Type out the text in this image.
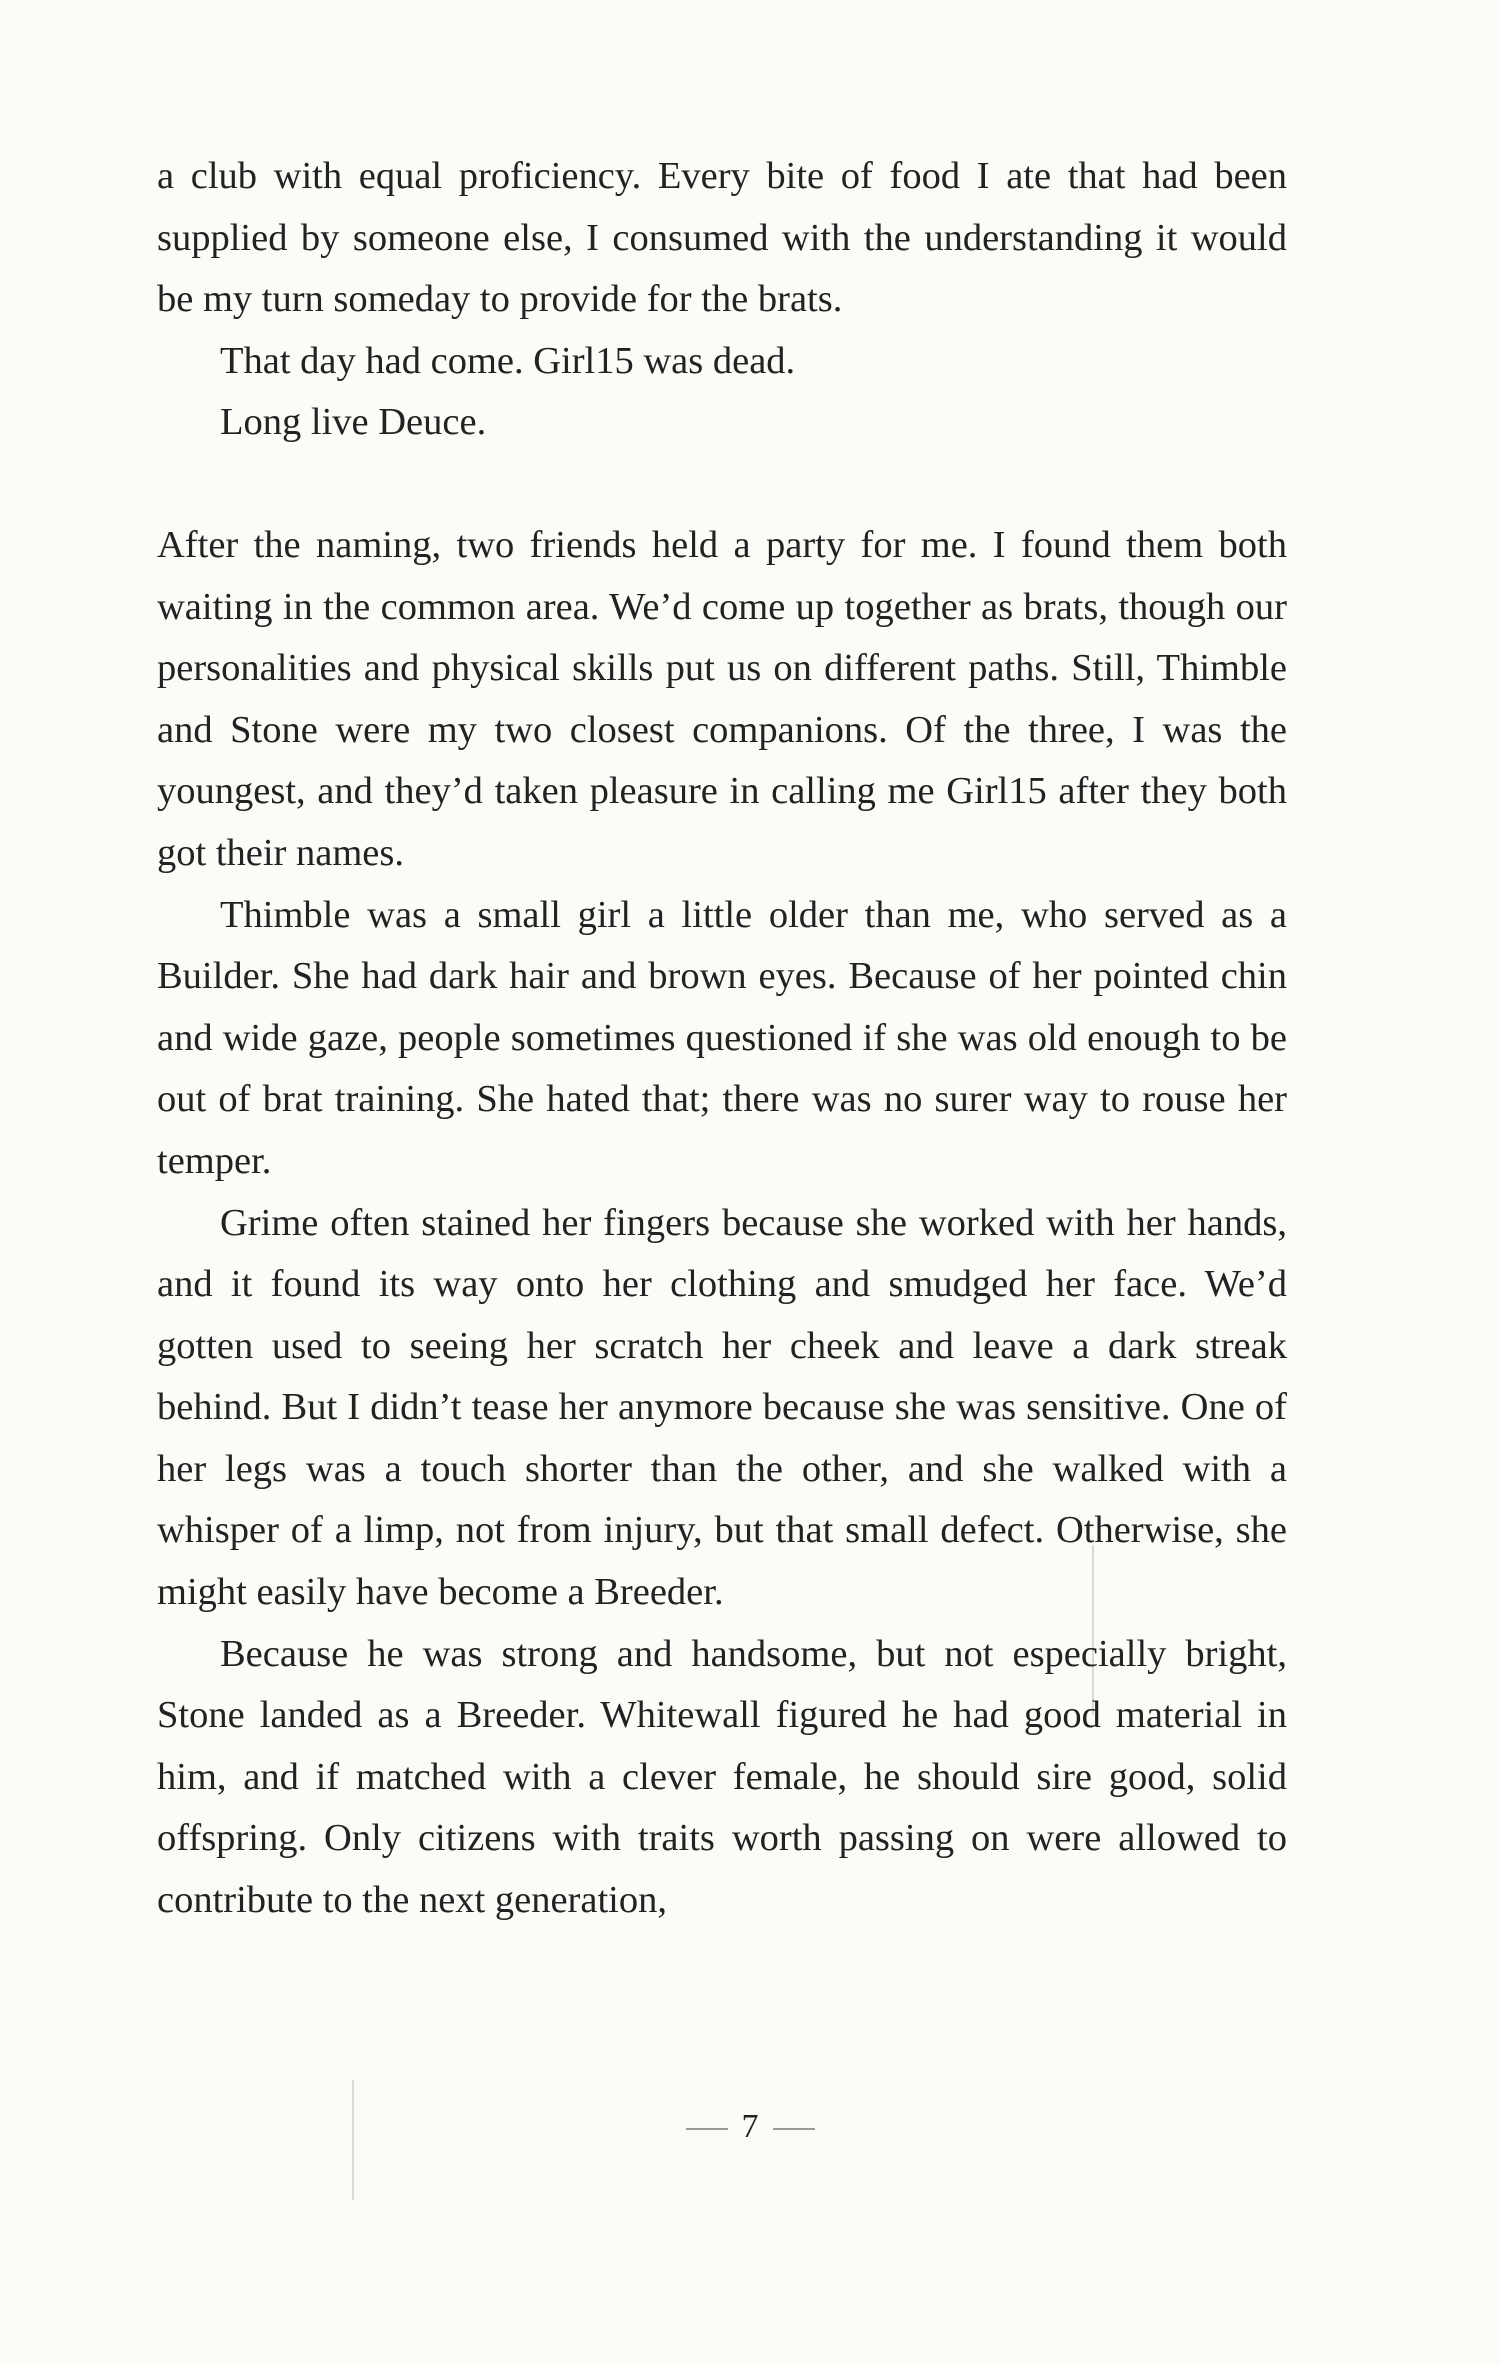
a club with equal proficiency. Every bite of food I ate that had been supplied by someone else, I consumed with the understanding it would be my turn someday to provide for the brats.

That day had come. Girl15 was dead.

Long live Deuce.

After the naming, two friends held a party for me. I found them both waiting in the common area. We’d come up together as brats, though our personalities and physical skills put us on different paths. Still, Thimble and Stone were my two closest companions. Of the three, I was the youngest, and they’d taken pleasure in calling me Girl15 after they both got their names.

Thimble was a small girl a little older than me, who served as a Builder. She had dark hair and brown eyes. Because of her pointed chin and wide gaze, people sometimes questioned if she was old enough to be out of brat training. She hated that; there was no surer way to rouse her temper.

Grime often stained her fingers because she worked with her hands, and it found its way onto her clothing and smudged her face. We’d gotten used to seeing her scratch her cheek and leave a dark streak behind. But I didn’t tease her anymore because she was sensitive. One of her legs was a touch shorter than the other, and she walked with a whisper of a limp, not from injury, but that small defect. Otherwise, she might easily have become a Breeder.

Because he was strong and handsome, but not especially bright, Stone landed as a Breeder. Whitewall figured he had good material in him, and if matched with a clever female, he should sire good, solid offspring. Only citizens with traits worth passing on were allowed to contribute to the next generation,

7
